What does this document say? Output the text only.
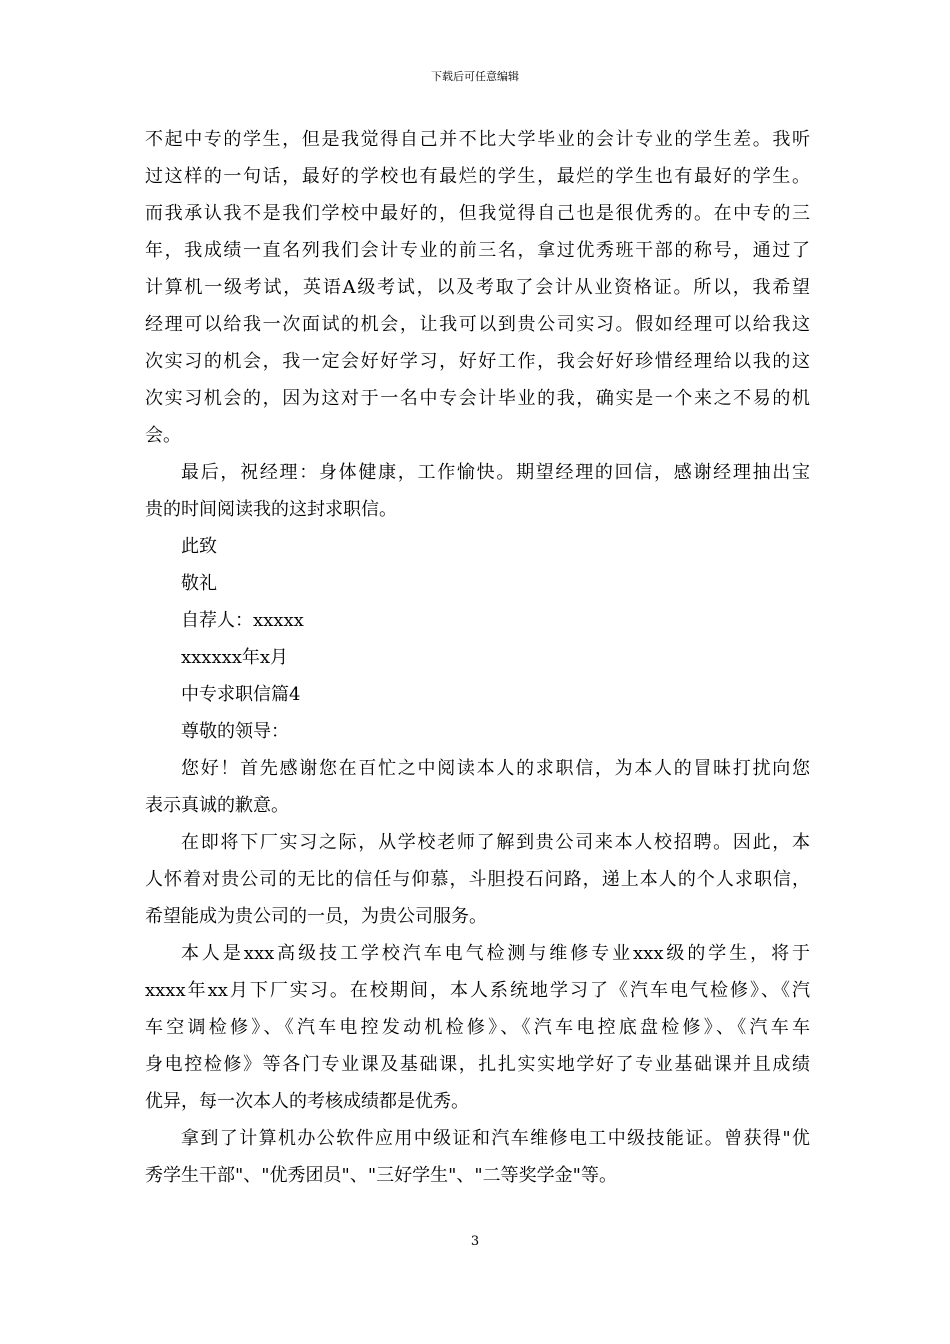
下载后可任意编辑
不起中专的学生，但是我觉得自己并不比大学毕业的会计专业的学生差。我听
过这样的一句话，最好的学校也有最烂的学生，最烂的学生也有最好的学生。
而我承认我不是我们学校中最好的，但我觉得自己也是很优秀的。在中专的三
年，我成绩一直名列我们会计专业的前三名，拿过优秀班干部的称号，通过了
计算机一级考试，英语A级考试，以及考取了会计从业资格证。所以，我希望
经理可以给我一次面试的机会，让我可以到贵公司实习。假如经理可以给我这
次实习的机会，我一定会好好学习，好好工作，我会好好珍惜经理给以我的这
次实习机会的，因为这对于一名中专会计毕业的我，确实是一个来之不易的机
会。
最后，祝经理：身体健康，工作愉快。期望经理的回信，感谢经理抽出宝
贵的时间阅读我的这封求职信。
此致
敬礼
自荐人：xxxxx
xxxxxx年x月
中专求职信篇4
尊敬的领导：
您好！首先感谢您在百忙之中阅读本人的求职信，为本人的冒昧打扰向您
表示真诚的歉意。
在即将下厂实习之际，从学校老师了解到贵公司来本人校招聘。因此，本
人怀着对贵公司的无比的信任与仰慕，斗胆投石问路，递上本人的个人求职信，
希望能成为贵公司的一员，为贵公司服务。
本人是xxx高级技工学校汽车电气检测与维修专业xxx级的学生，将于
xxxx年xx月下厂实习。在校期间，本人系统地学习了《汽车电气检修》、《汽
车空调检修》、《汽车电控发动机检修》、《汽车电控底盘检修》、《汽车车
身电控检修》等各门专业课及基础课，扎扎实实地学好了专业基础课并且成绩
优异，每一次本人的考核成绩都是优秀。
拿到了计算机办公软件应用中级证和汽车维修电工中级技能证。曾获得"优
秀学生干部"、"优秀团员"、"三好学生"、"二等奖学金"等。
3
